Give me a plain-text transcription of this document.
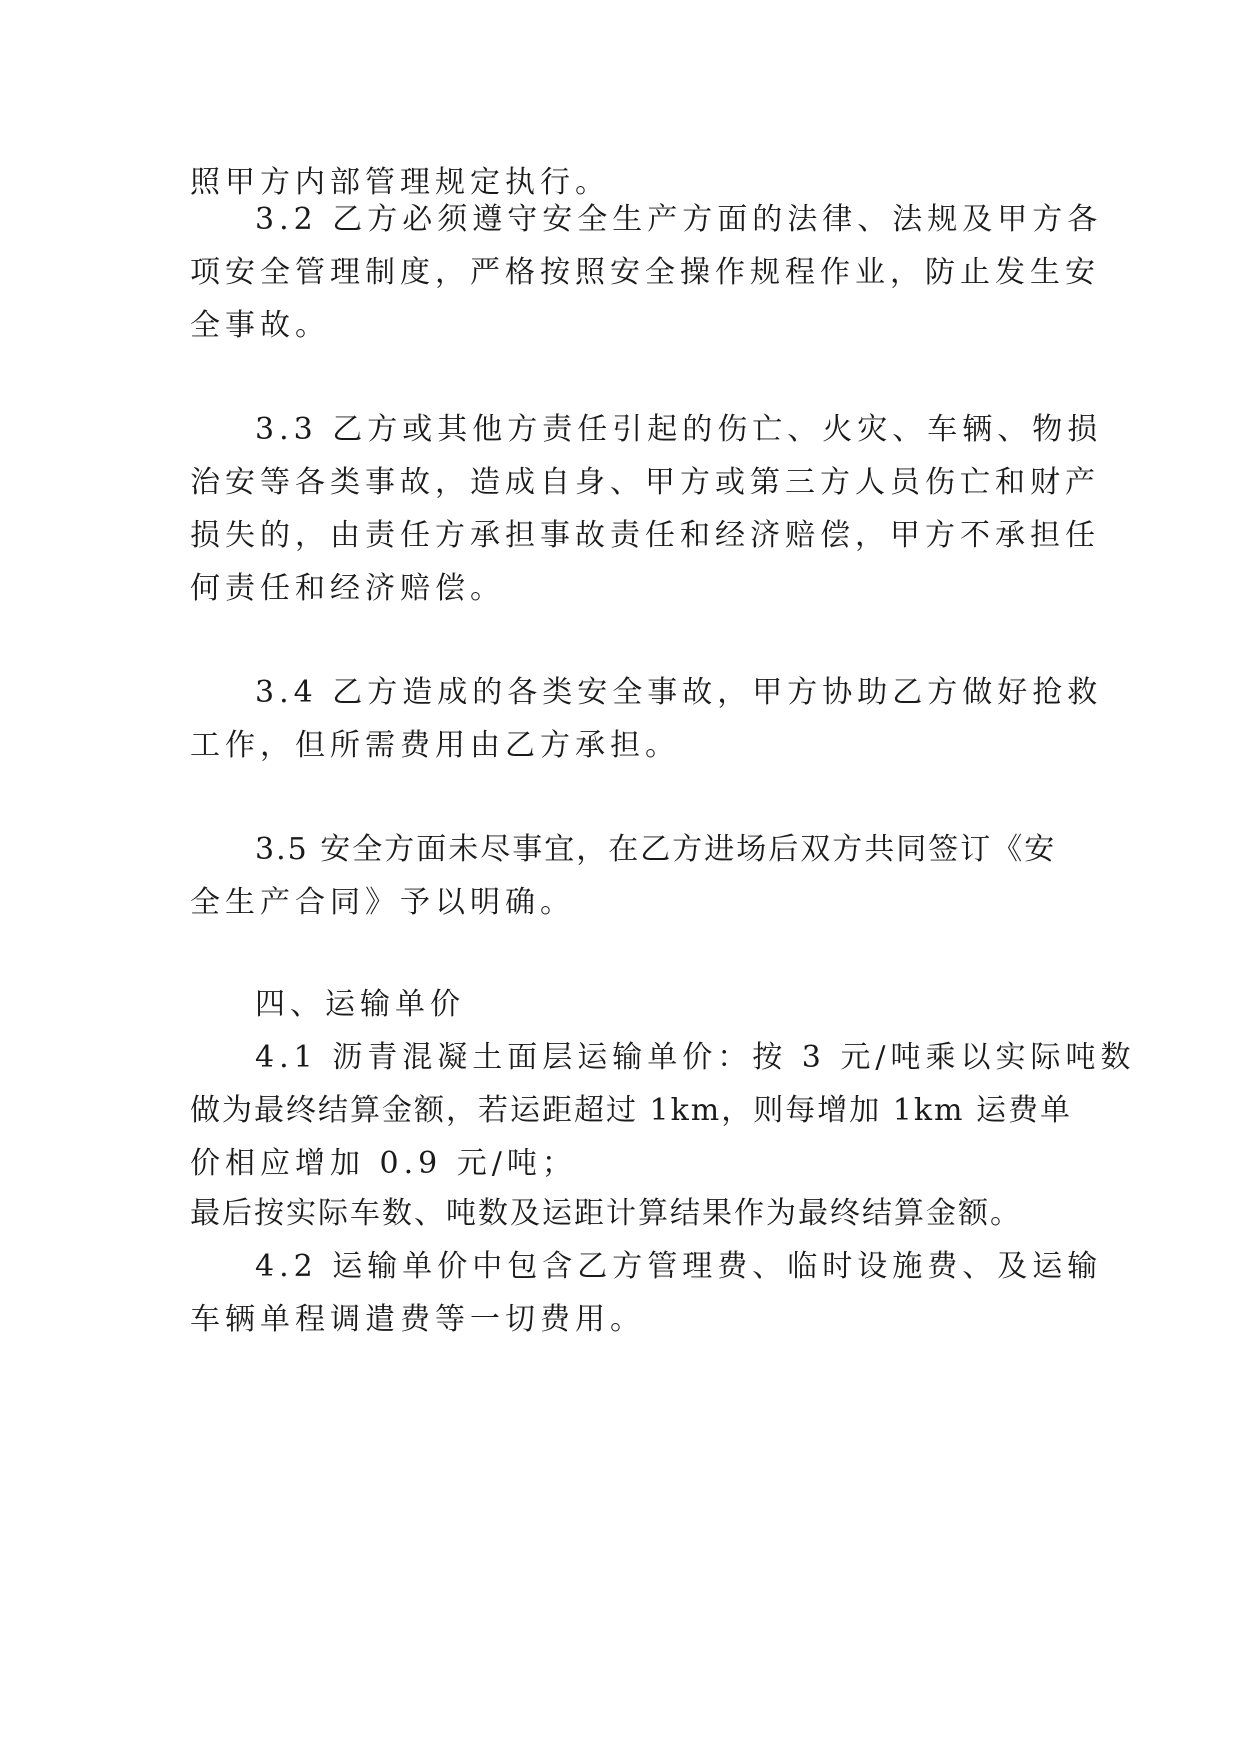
照甲方内部管理规定执行。
3.2 乙方必须遵守安全生产方面的法律、法规及甲方各
项安全管理制度，严格按照安全操作规程作业，防止发生安
全事故。
3.3 乙方或其他方责任引起的伤亡、火灾、车辆、物损
治安等各类事故，造成自身、甲方或第三方人员伤亡和财产
损失的，由责任方承担事故责任和经济赔偿，甲方不承担任
何责任和经济赔偿。
3.4 乙方造成的各类安全事故，甲方协助乙方做好抢救
工作，但所需费用由乙方承担。
3.5 安全方面未尽事宜，在乙方进场后双方共同签订《安
全生产合同》予以明确。
四、运输单价
4.1 沥青混凝土面层运输单价：按 3 元/吨乘以实际吨数
做为最终结算金额，若运距超过 1km，则每增加 1km 运费单
价相应增加 0.9 元/吨；
最后按实际车数、吨数及运距计算结果作为最终结算金额。
4.2 运输单价中包含乙方管理费、临时设施费、及运输
车辆单程调遣费等一切费用。
